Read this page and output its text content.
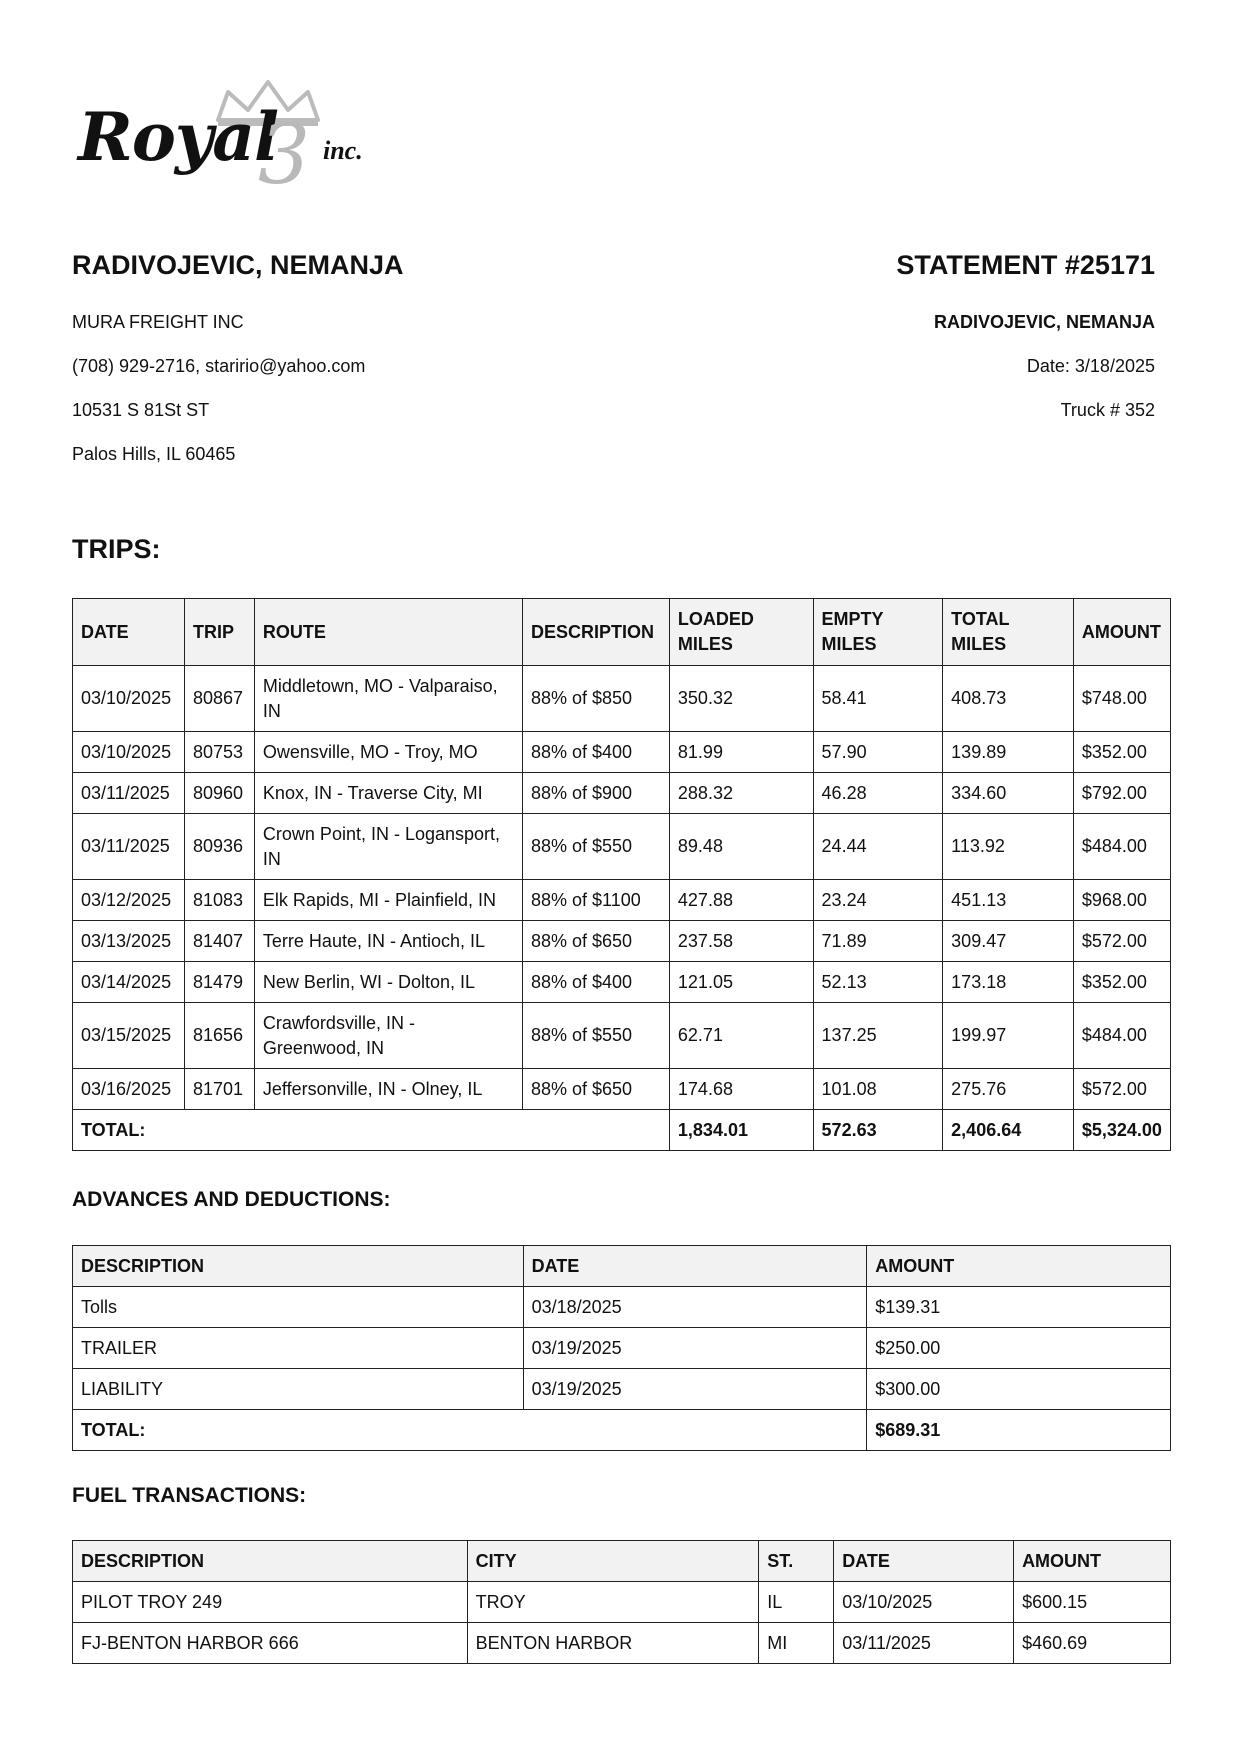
Royal
3 inc.
RADIVOJEVIC, NEMANJA	STATEMENT #25171
MURA FREIGHT INC
(708) 929-2716, staririo@yahoo.com
10531 S 81St ST
Palos Hills, IL 60465
RADIVOJEVIC, NEMANJA
Date: 3/18/2025
Truck # 352
TRIPS:
DATE	TRIP	ROUTE	DESCRIPTION	LOADED MILES	EMPTY MILES	TOTAL MILES	AMOUNT
03/10/2025	80867	Middletown, MO - Valparaiso, IN	88% of $850	350.32	58.41	408.73	$748.00
03/10/2025	80753	Owensville, MO - Troy, MO	88% of $400	81.99	57.90	139.89	$352.00
03/11/2025	80960	Knox, IN - Traverse City, MI	88% of $900	288.32	46.28	334.60	$792.00
03/11/2025	80936	Crown Point, IN - Logansport, IN	88% of $550	89.48	24.44	113.92	$484.00
03/12/2025	81083	Elk Rapids, MI - Plainfield, IN	88% of $1100	427.88	23.24	451.13	$968.00
03/13/2025	81407	Terre Haute, IN - Antioch, IL	88% of $650	237.58	71.89	309.47	$572.00
03/14/2025	81479	New Berlin, WI - Dolton, IL	88% of $400	121.05	52.13	173.18	$352.00
03/15/2025	81656	Crawfordsville, IN - Greenwood, IN	88% of $550	62.71	137.25	199.97	$484.00
03/16/2025	81701	Jeffersonville, IN - Olney, IL	88% of $650	174.68	101.08	275.76	$572.00
TOTAL:				1,834.01	572.63	2,406.64	$5,324.00
ADVANCES AND DEDUCTIONS:
DESCRIPTION	DATE	AMOUNT
Tolls	03/18/2025	$139.31
TRAILER	03/19/2025	$250.00
LIABILITY	03/19/2025	$300.00
TOTAL:		$689.31
FUEL TRANSACTIONS:
DESCRIPTION	CITY	ST.	DATE	AMOUNT
PILOT TROY 249	TROY	IL	03/10/2025	$600.15
FJ-BENTON HARBOR 666	BENTON HARBOR	MI	03/11/2025	$460.69
